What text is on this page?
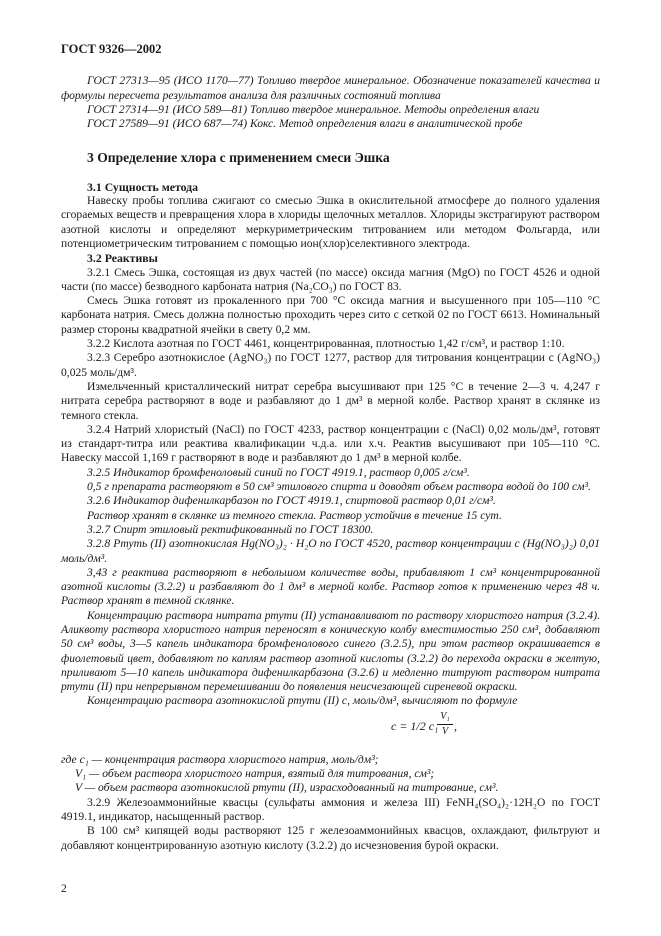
ГОСТ 9326—2002

ГОСТ 27313—95 (ИСО 1170—77) Топливо твердое минеральное. Обозначение показателей качества и формулы пересчета результатов анализа для различных состояний топлива

ГОСТ 27314—91 (ИСО 589—81) Топливо твердое минеральное. Методы определения влаги

ГОСТ 27589—91 (ИСО 687—74) Кокс. Метод определения влаги в аналитической пробе

3 Определение хлора с применением смеси Эшка
3.1 Сущность метода

Навеску пробы топлива сжигают со смесью Эшка в окислительной атмосфере до полного удаления сгораемых веществ и превращения хлора в хлориды щелочных металлов. Хлориды экстрагируют раствором азотной кислоты и определяют меркуриметрическим титрованием или методом Фольгарда, или потенциометрическим титрованием с помощью ион(хлор)селективного электрода.

3.2 Реактивы

3.2.1 Смесь Эшка, состоящая из двух частей (по массе) оксида магния (MgO) по ГОСТ 4526 и одной части (по массе) безводного карбоната натрия (Na₂CO₃) по ГОСТ 83.

Смесь Эшка готовят из прокаленного при 700 °С оксида магния и высушенного при 105—110 °С карбоната натрия. Смесь должна полностью проходить через сито с сеткой 02 по ГОСТ 6613. Номинальный размер стороны квадратной ячейки в свету 0,2 мм.

3.2.2 Кислота азотная по ГОСТ 4461, концентрированная, плотностью 1,42 г/см³, и раствор 1:10.

3.2.3 Серебро азотнокислое (AgNO₃) по ГОСТ 1277, раствор для титрования концентрации с (AgNO₃) 0,025 моль/дм³.

Измельченный кристаллический нитрат серебра высушивают при 125 °С в течение 2—3 ч. 4,247 г нитрата серебра растворяют в воде и разбавляют до 1 дм³ в мерной колбе. Раствор хранят в склянке из темного стекла.

3.2.4 Натрий хлористый (NaCl) по ГОСТ 4233, раствор концентрации с (NaCl) 0,02 моль/дм³, готовят из стандарт-титра или реактива квалификации ч.д.а. или х.ч. Реактив высушивают при 105—110 °С. Навеску массой 1,169 г растворяют в воде и разбавляют до 1 дм³ в мерной колбе.

3.2.5 Индикатор бромфеноловый синий по ГОСТ 4919.1, раствор 0,005 г/см³.

0,5 г препарата растворяют в 50 см³ этилового спирта и доводят объем раствора водой до 100 см³.

3.2.6 Индикатор дифенилкарбазон по ГОСТ 4919.1, спиртовой раствор 0,01 г/см³.

Раствор хранят в склянке из темного стекла. Раствор устойчив в течение 15 сут.

3.2.7 Спирт этиловый ректификованный по ГОСТ 18300.

3.2.8 Ртуть (II) азотнокислая Hg(NO₃)₂ · H₂O по ГОСТ 4520, раствор концентрации с (Hg(NO₃)₂) 0,01 моль/дм³.

3,43 г реактива растворяют в небольшом количестве воды, прибавляют 1 см³ концентрированной азотной кислоты (3.2.2) и разбавляют до 1 дм³ в мерной колбе. Раствор готов к применению через 48 ч. Раствор хранят в темной склянке.

Концентрацию раствора нитрата ртути (II) устанавливают по раствору хлористого натрия (3.2.4). Аликвоту раствора хлористого натрия переносят в коническую колбу вместимостью 250 см³, добавляют 50 см³ воды, 3—5 капель индикатора бромфенолового синего (3.2.5), при этом раствор окрашивается в фиолетовый цвет, добавляют по каплям раствор азотной кислоты (3.2.2) до перехода окраски в желтую, приливают 5—10 капель индикатора дифенилкарбазона (3.2.6) и медленно титруют раствором нитрата ртути (II) при непрерывном перемешивании до появления неисчезающей сиреневой окраски.

Концентрацию раствора азотнокислой ртути (II) с, моль/дм³, вычисляют по формуле

c = 1/2 c₁
V₁
V ,

где c₁ — концентрация раствора хлористого натрия, моль/дм³;

V₁ — объем раствора хлористого натрия, взятый для титрования, см³;

V — объем раствора азотнокислой ртути (II), израсходованный на титрование, см³.

3.2.9 Железоаммонийные квасцы (сульфаты аммония и железа III) FeNH₄(SO₄)₂·12H₂O по ГОСТ 4919.1, индикатор, насыщенный раствор.

В 100 см³ кипящей воды растворяют 125 г железоаммонийных квасцов, охлаждают, фильтруют и добавляют концентрированную азотную кислоту (3.2.2) до исчезновения бурой окраски.

2
